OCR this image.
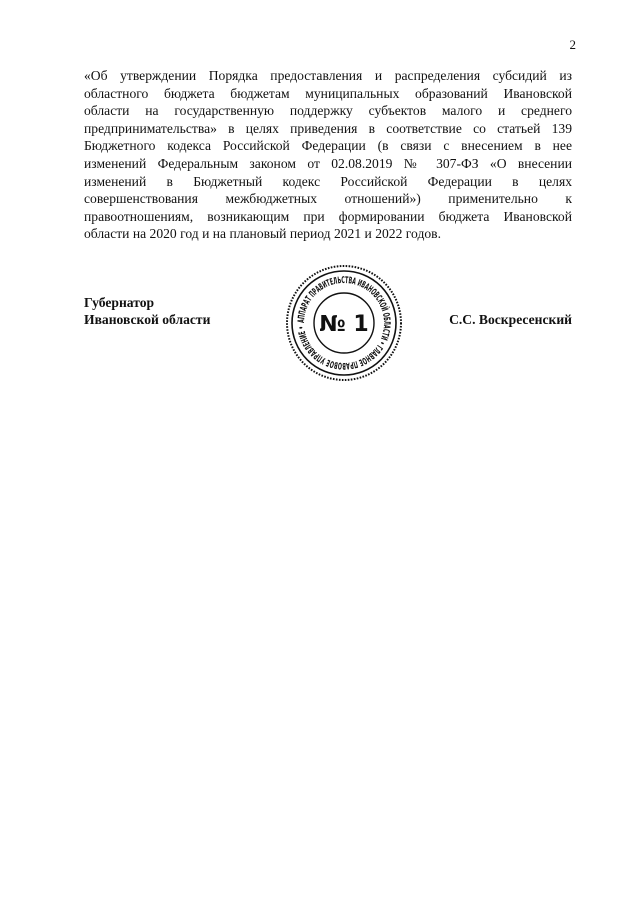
2
«Об утверждении Порядка предоставления и распределения субсидий из
областного бюджета бюджетам муниципальных образований Ивановской
области на государственную поддержку субъектов малого и среднего
предпринимательства» в целях приведения в соответствие со статьей 139
Бюджетного кодекса Российской Федерации (в связи с внесением в нее
изменений Федеральным законом от 02.08.2019 № 307-ФЗ «О внесении
изменений в Бюджетный кодекс Российской Федерации в целях
совершенствования межбюджетных отношений») применительно к
правоотношениям, возникающим при формировании бюджета Ивановской
области на 2020 год и на плановый период 2021 и 2022 годов.
Губернатор
Ивановской области	АППАРАТ ПРАВИТЕЛЬСТВА ИВАНОВСКОЙ ОБЛАСТИ • ГЛАВНОЕ ПРАВОВОЕ УПРАВЛЕНИЕ • № 1	С.С. Воскресенский
